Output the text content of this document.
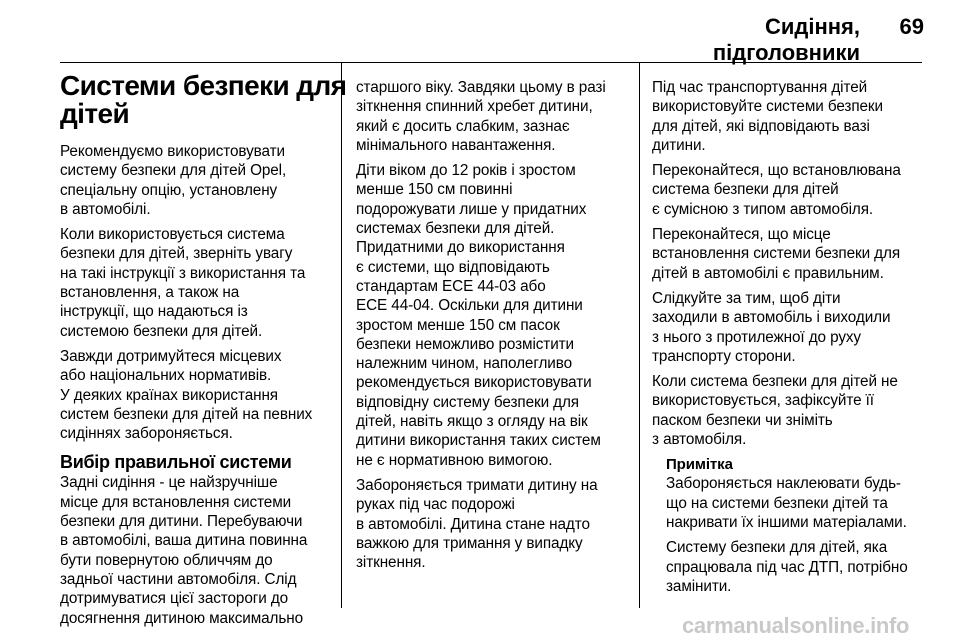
Сидіння, підголовники
69
Системи безпеки для
дітей
Рекомендуємо використовувати
систему безпеки для дітей Opel,
спеціальну опцію, установлену
в автомобілі.
Коли використовується система
безпеки для дітей, зверніть увагу
на такі інструкції з використання та
встановлення, а також на
інструкції, що надаються із
системою безпеки для дітей.
Завжди дотримуйтеся місцевих
або національних нормативів.
У деяких країнах використання
систем безпеки для дітей на певних
сидіннях забороняється.
Вибір правильної системи
Задні сидіння - це найзручніше
місце для встановлення системи
безпеки для дитини. Перебуваючи
в автомобілі, ваша дитина повинна
бути повернутою обличчям до
задньої частини автомобіля. Слід
дотримуватися цієї застороги до
досягнення дитиною максимально
старшого віку. Завдяки цьому в разі
зіткнення спинний хребет дитини,
який є досить слабким, зазнає
мінімального навантаження.
Діти віком до 12 років і зростом
менше 150 см повинні
подорожувати лише у придатних
системах безпеки для дітей.
Придатними до використання
є системи, що відповідають
стандартам ECE 44-03 або
ECE 44-04. Оскільки для дитини
зростом менше 150 см пасок
безпеки неможливо розмістити
належним чином, наполегливо
рекомендується використовувати
відповідну систему безпеки для
дітей, навіть якщо з огляду на вік
дитини використання таких систем
не є нормативною вимогою.
Забороняється тримати дитину на
руках під час подорожі
в автомобілі. Дитина стане надто
важкою для тримання у випадку
зіткнення.
Під час транспортування дітей
використовуйте системи безпеки
для дітей, які відповідають вазі
дитини.
Переконайтеся, що встановлювана
система безпеки для дітей
є сумісною з типом автомобіля.
Переконайтеся, що місце
встановлення системи безпеки для
дітей в автомобілі є правильним.
Слідкуйте за тим, щоб діти
заходили в автомобіль і виходили
з нього з протилежної до руху
транспорту сторони.
Коли система безпеки для дітей не
використовується, зафіксуйте її
паском безпеки чи зніміть
з автомобіля.
Примітка
Забороняється наклеювати будь-
що на системи безпеки дітей та
накривати їх іншими матеріалами.
Систему безпеки для дітей, яка
спрацювала під час ДТП, потрібно
замінити.
carmanualsonline.info
